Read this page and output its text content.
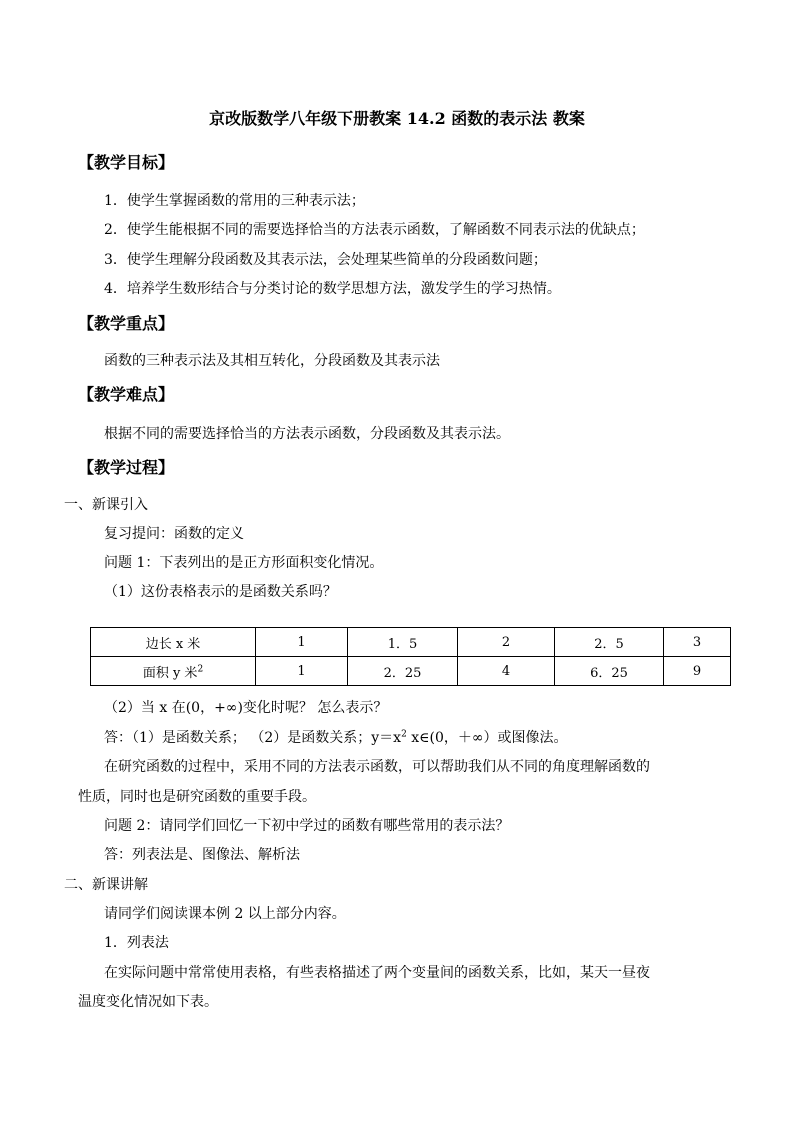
京改版数学八年级下册教案 14.2 函数的表示法 教案
【教学目标】
1．使学生掌握函数的常用的三种表示法；
2．使学生能根据不同的需要选择恰当的方法表示函数，了解函数不同表示法的优缺点；
3．使学生理解分段函数及其表示法，会处理某些简单的分段函数问题；
4．培养学生数形结合与分类讨论的数学思想方法，激发学生的学习热情。
【教学重点】
函数的三种表示法及其相互转化，分段函数及其表示法
【教学难点】
根据不同的需要选择恰当的方法表示函数，分段函数及其表示法。
【教学过程】
一、新课引入
复习提问：函数的定义
问题 1：下表列出的是正方形面积变化情况。
（1）这份表格表示的是函数关系吗？
边长 x 米	1	1．5	2	2．5	3
面积 y 米$^2$	1	2．25	4	6．25	9
（2）当 x 在(0，+∞)变化时呢？ 怎么表示？
答：（1）是函数关系； （2）是函数关系；$y=x^2$ x∈(0，＋∞）或图像法。
在研究函数的过程中，采用不同的方法表示函数，可以帮助我们从不同的角度理解函数的
性质，同时也是研究函数的重要手段。
问题 2：请同学们回忆一下初中学过的函数有哪些常用的表示法？
答：列表法是、图像法、解析法
二、新课讲解
请同学们阅读课本例 2 以上部分内容。
1．列表法
在实际问题中常常使用表格，有些表格描述了两个变量间的函数关系，比如，某天一昼夜
温度变化情况如下表。
